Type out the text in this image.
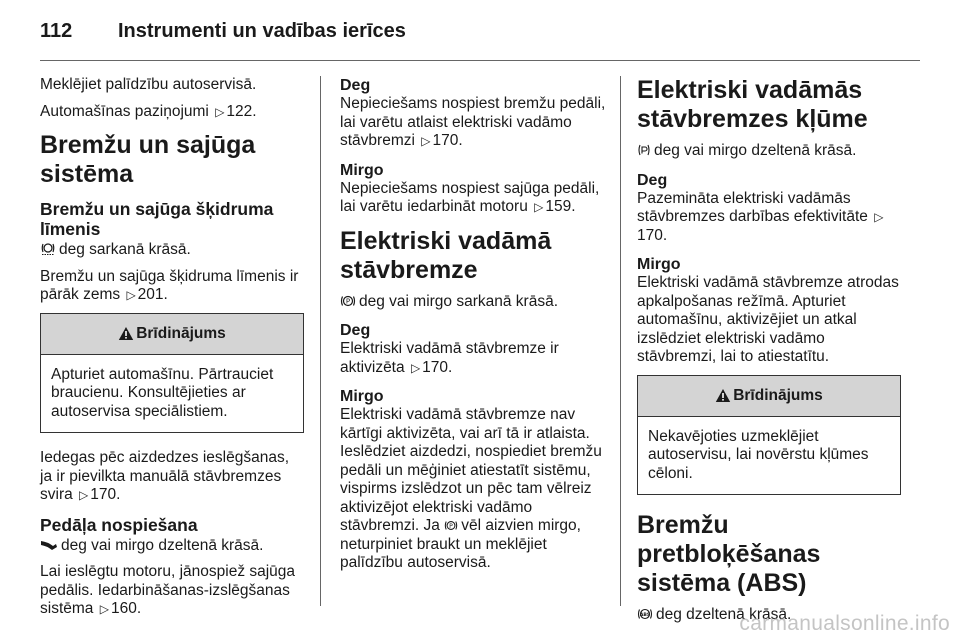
112 Instrumenti un vadības ierīces

Meklējiet palīdzību autoservisā.

Automašīnas paziņojumi ▷ 122.

Bremžu un sajūga sistēma
Bremžu un sajūga šķidruma līmenis

deg sarkanā krāsā.

Bremžu un sajūga šķidruma līmenis ir pārāk zems ▷ 201.

Brīdinājums
Apturiet automašīnu. Pārtrauciet braucienu. Konsultējieties ar autoservisa speciālistiem.

Iedegas pēc aizdedzes ieslēgšanas, ja ir pievilkta manuālā stāvbremzes svira ▷ 170.

Pedāļa nospiešana

deg vai mirgo dzeltenā krāsā.

Lai ieslēgtu motoru, jānospiež sajūga pedālis. Iedarbināšanas-izslēgšanas sistēma ▷ 160.

Deg

Nepieciešams nospiest bremžu pedāli, lai varētu atlaist elektriski vadāmo stāvbremzi ▷ 170.

Mirgo

Nepieciešams nospiest sajūga pedāli, lai varētu iedarbināt motoru ▷ 159.

Elektriski vadāmā stāvbremze

P deg vai mirgo sarkanā krāsā.

Deg

Elektriski vadāmā stāvbremze ir aktivizēta ▷ 170.

Mirgo

Elektriski vadāmā stāvbremze nav kārtīgi aktivizēta, vai arī tā ir atlaista. Ieslēdziet aizdedzi, nospiediet bremžu pedāli un mēģiniet atiestatīt sistēmu, vispirms izslēdzot un pēc tam vēlreiz aktivizējot elektriski vadāmo stāvbremzi. Ja P vēl aizvien mirgo, neturpiniet braukt un meklējiet palīdzību autoservisā.

Elektriski vadāmās stāvbremzes kļūme

deg vai mirgo dzeltenā krāsā.

Deg

Pazemināta elektriski vadāmās stāvbremzes darbības efektivitāte ▷170.

Mirgo

Elektriski vadāmā stāvbremze atrodas apkalpošanas režīmā. Apturiet automašīnu, aktivizējiet un atkal izslēdziet elektriski vadāmo stāvbremzi, lai to atiestatītu.

Brīdinājums
Nekavējoties uzmeklējiet autoservisu, lai novērstu kļūmes cēloni.
Bremžu pretbloķēšanas sistēma (ABS)

ABS deg dzeltenā krāsā.

carmanualsonline.info
